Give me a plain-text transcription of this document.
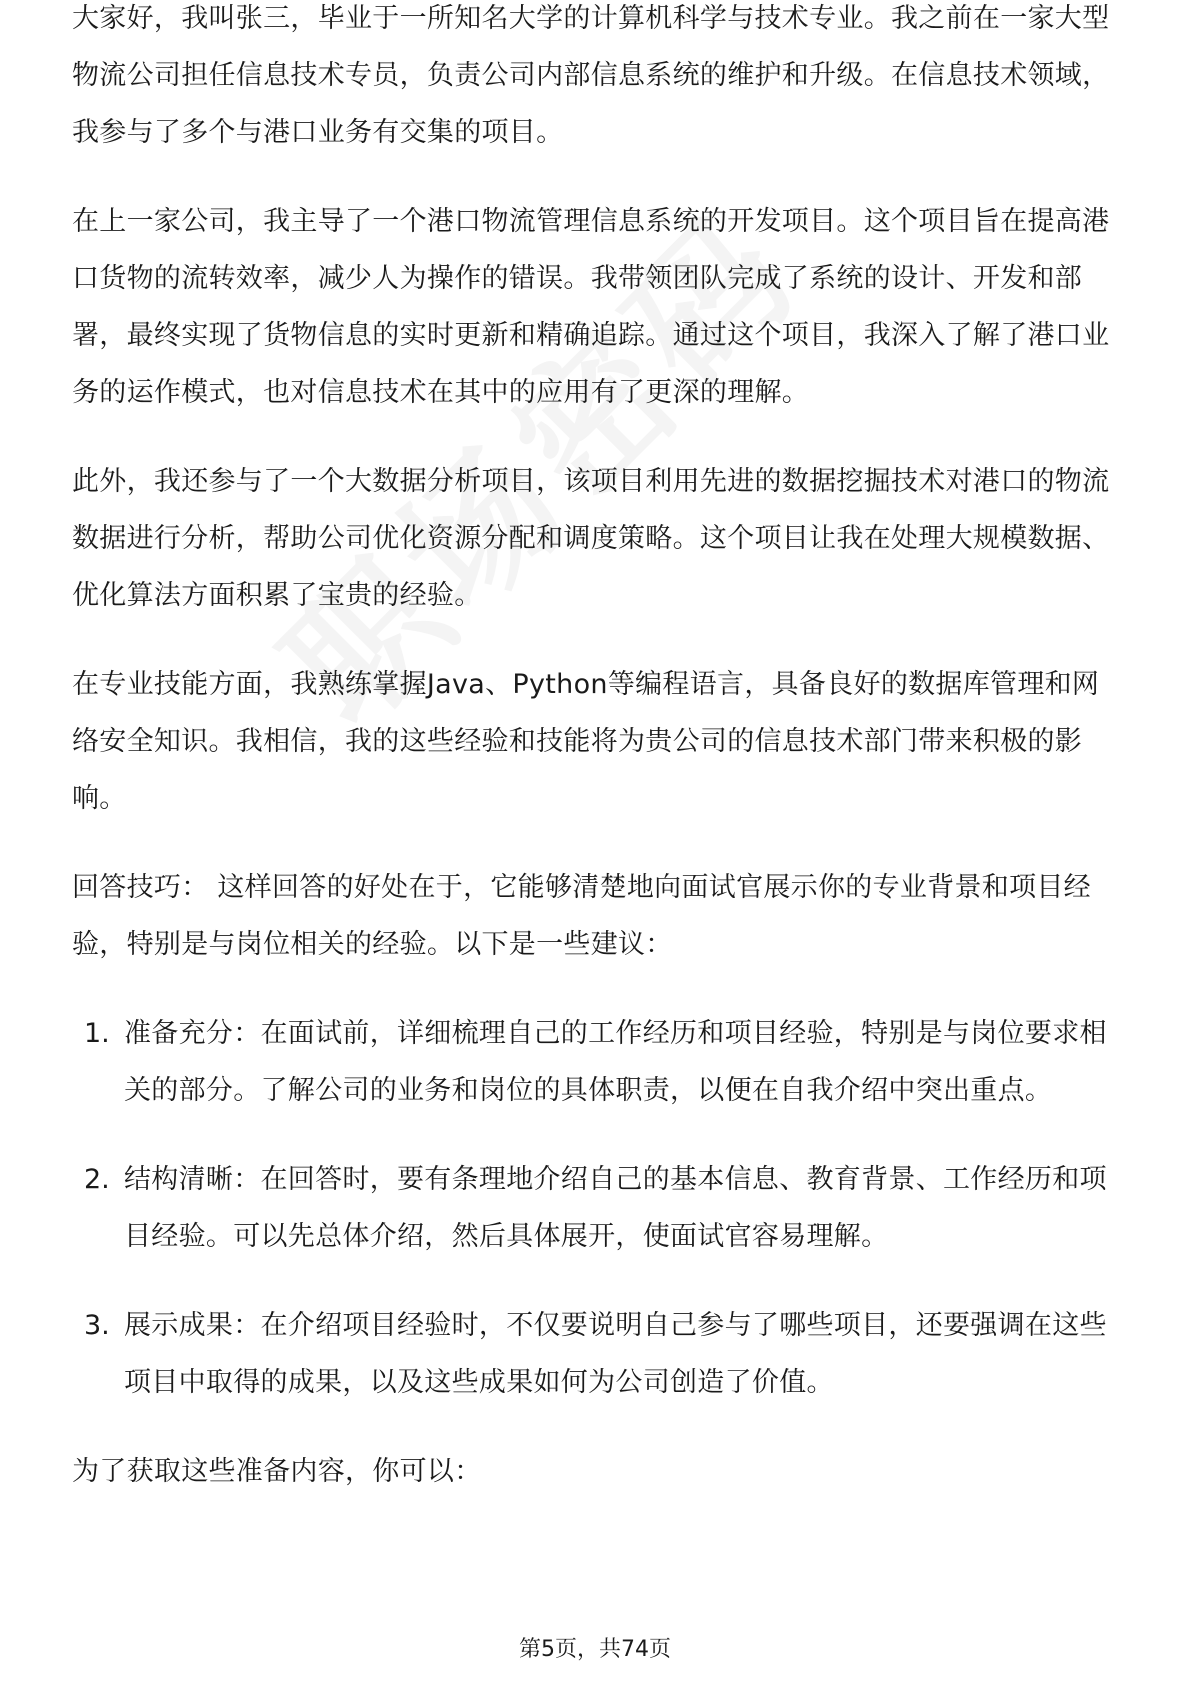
大家好，我叫张三，毕业于一所知名大学的计算机科学与技术专业。我之前在一家大型物流公司担任信息技术专员，负责公司内部信息系统的维护和升级。在信息技术领域，我参与了多个与港口业务有交集的项目。

在上一家公司，我主导了一个港口物流管理信息系统的开发项目。这个项目旨在提高港口货物的流转效率，减少人为操作的错误。我带领团队完成了系统的设计、开发和部署，最终实现了货物信息的实时更新和精确追踪。通过这个项目，我深入了解了港口业务的运作模式，也对信息技术在其中的应用有了更深的理解。

此外，我还参与了一个大数据分析项目，该项目利用先进的数据挖掘技术对港口的物流数据进行分析，帮助公司优化资源分配和调度策略。这个项目让我在处理大规模数据、优化算法方面积累了宝贵的经验。

在专业技能方面，我熟练掌握Java、Python等编程语言，具备良好的数据库管理和网络安全知识。我相信，我的这些经验和技能将为贵公司的信息技术部门带来积极的影响。

回答技巧： 这样回答的好处在于，它能够清楚地向面试官展示你的专业背景和项目经验，特别是与岗位相关的经验。以下是一些建议：

1. 准备充分：在面试前，详细梳理自己的工作经历和项目经验，特别是与岗位要求相关的部分。了解公司的业务和岗位的具体职责，以便在自我介绍中突出重点。

2. 结构清晰：在回答时，要有条理地介绍自己的基本信息、教育背景、工作经历和项目经验。可以先总体介绍，然后具体展开，使面试官容易理解。

3. 展示成果：在介绍项目经验时，不仅要说明自己参与了哪些项目，还要强调在这些项目中取得的成果，以及这些成果如何为公司创造了价值。

为了获取这些准备内容，你可以：

第5页，共74页
